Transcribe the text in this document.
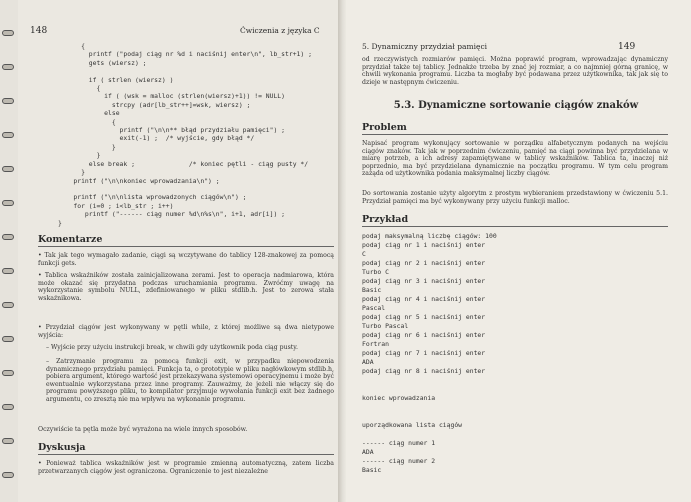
148	Ćwiczenia z języka C
{
printf ("podaj ciąg nr %d i naciśnij enter\n", lb_str+1) ;
gets (wiersz) ;

if ( strlen (wiersz) )
{
if ( (wsk = malloc (strlen(wiersz)+1)) != NULL)
strcpy (adr[lb_str++]=wsk, wiersz) ;
else
{
printf ("\n\n** błąd przydziału pamięci") ;
exit(-1) ;  /* wyjście, gdy błąd */
}
}
else break ;              /* koniec pętli - ciąg pusty */
}
printf ("\n\nkoniec wprowadzania\n") ;

printf ("\n\nlista wprowadzonych ciągów\n") ;
for (i=0 ; i<lb_str ; i++)
printf ("------ ciąg numer %d\n%s\n", i+1, adr[i]) ;
}

Komentarze
• Tak jak tego wymagało zadanie, ciągi są wczytywane do tablicy 128-znakowej za pomocą funkcji gets.
• Tablica wskaźników została zainicjalizowana zerami. Jest to operacja nadmiarowa, która może okazać się przydatna podczas uruchamiania programu. Zwróćmy uwagę na wykorzystanie symbolu NULL, zdefiniowanego w pliku stdlib.h. Jest to zerowa stała wskaźnikowa.
• Przydział ciągów jest wykonywany w pętli while, z której możliwe są dwa nietypowe wyjścia:
– Wyjście przy użyciu instrukcji break, w chwili gdy użytkownik poda ciąg pusty.
– Zatrzymanie programu za pomocą funkcji exit, w przypadku niepowodzenia dynamicznego przydziału pamięci. Funkcja ta, o prototypie w pliku nagłówkowym stdlib.h, pobiera argument, którego wartość jest przekazywana systemowi operacyjnemu i może być ewentualnie wykorzystana przez inne programy. Zauważmy, że jeżeli nie włączy się do programu powyższego pliku, to kompilator przyjmuje wywołania funkcji exit bez żadnego argumentu, co zresztą nie ma wpływu na wykonanie programu.
Oczywiście ta pętla może być wyrażona na wiele innych sposobów.
Dyskusja
• Ponieważ tablica wskaźników jest w programie zmienną automatyczną, zatem liczba przetwarzanych ciągów jest ograniczona. Ograniczenie to jest niezależne
5. Dynamiczny przydział pamięci	149
od rzeczywistych rozmiarów pamięci. Można poprawić program, wprowadzając dynamiczny przydział także tej tablicy. Jednakże trzeba by znać jej rozmiar, a co najmniej górną granicę, w chwili wykonania programu. Liczba ta mogłaby być podawana przez użytkownika, tak jak się to dzieje w następnym ćwiczeniu.
5.3. Dynamiczne sortowanie ciągów znaków
Problem
Napisać program wykonujący sortowanie w porządku alfabetycznym podanych na wejściu ciągów znaków. Tak jak w poprzednim ćwiczeniu, pamięć na ciągi powinna być przydzielana w miarę potrzeb, a ich adresy zapamiętywane w tablicy wskaźników. Tablica ta, inaczej niż poprzednio, ma być przydzielana dynamicznie na początku programu. W tym celu program zażąda od użytkownika podania maksymalnej liczby ciągów.
Do sortowania zostanie użyty algorytm z prostym wybieraniem przedstawiony w ćwiczeniu 5.1. Przydział pamięci ma być wykonywany przy użyciu funkcji malloc.
Przykład
podaj maksymalną liczbę ciągów: 100
podaj ciąg nr 1 i naciśnij enter
C
podaj ciąg nr 2 i naciśnij enter
Turbo C
podaj ciąg nr 3 i naciśnij enter
Basic
podaj ciąg nr 4 i naciśnij enter
Pascal
podaj ciąg nr 5 i naciśnij enter
Turbo Pascal
podaj ciąg nr 6 i naciśnij enter
Fortran
podaj ciąg nr 7 i naciśnij enter
ADA
podaj ciąg nr 8 i naciśnij enter

koniec wprowadzania

uporządkowana lista ciągów

------ ciąg numer 1
ADA
------ ciąg numer 2
Basic
